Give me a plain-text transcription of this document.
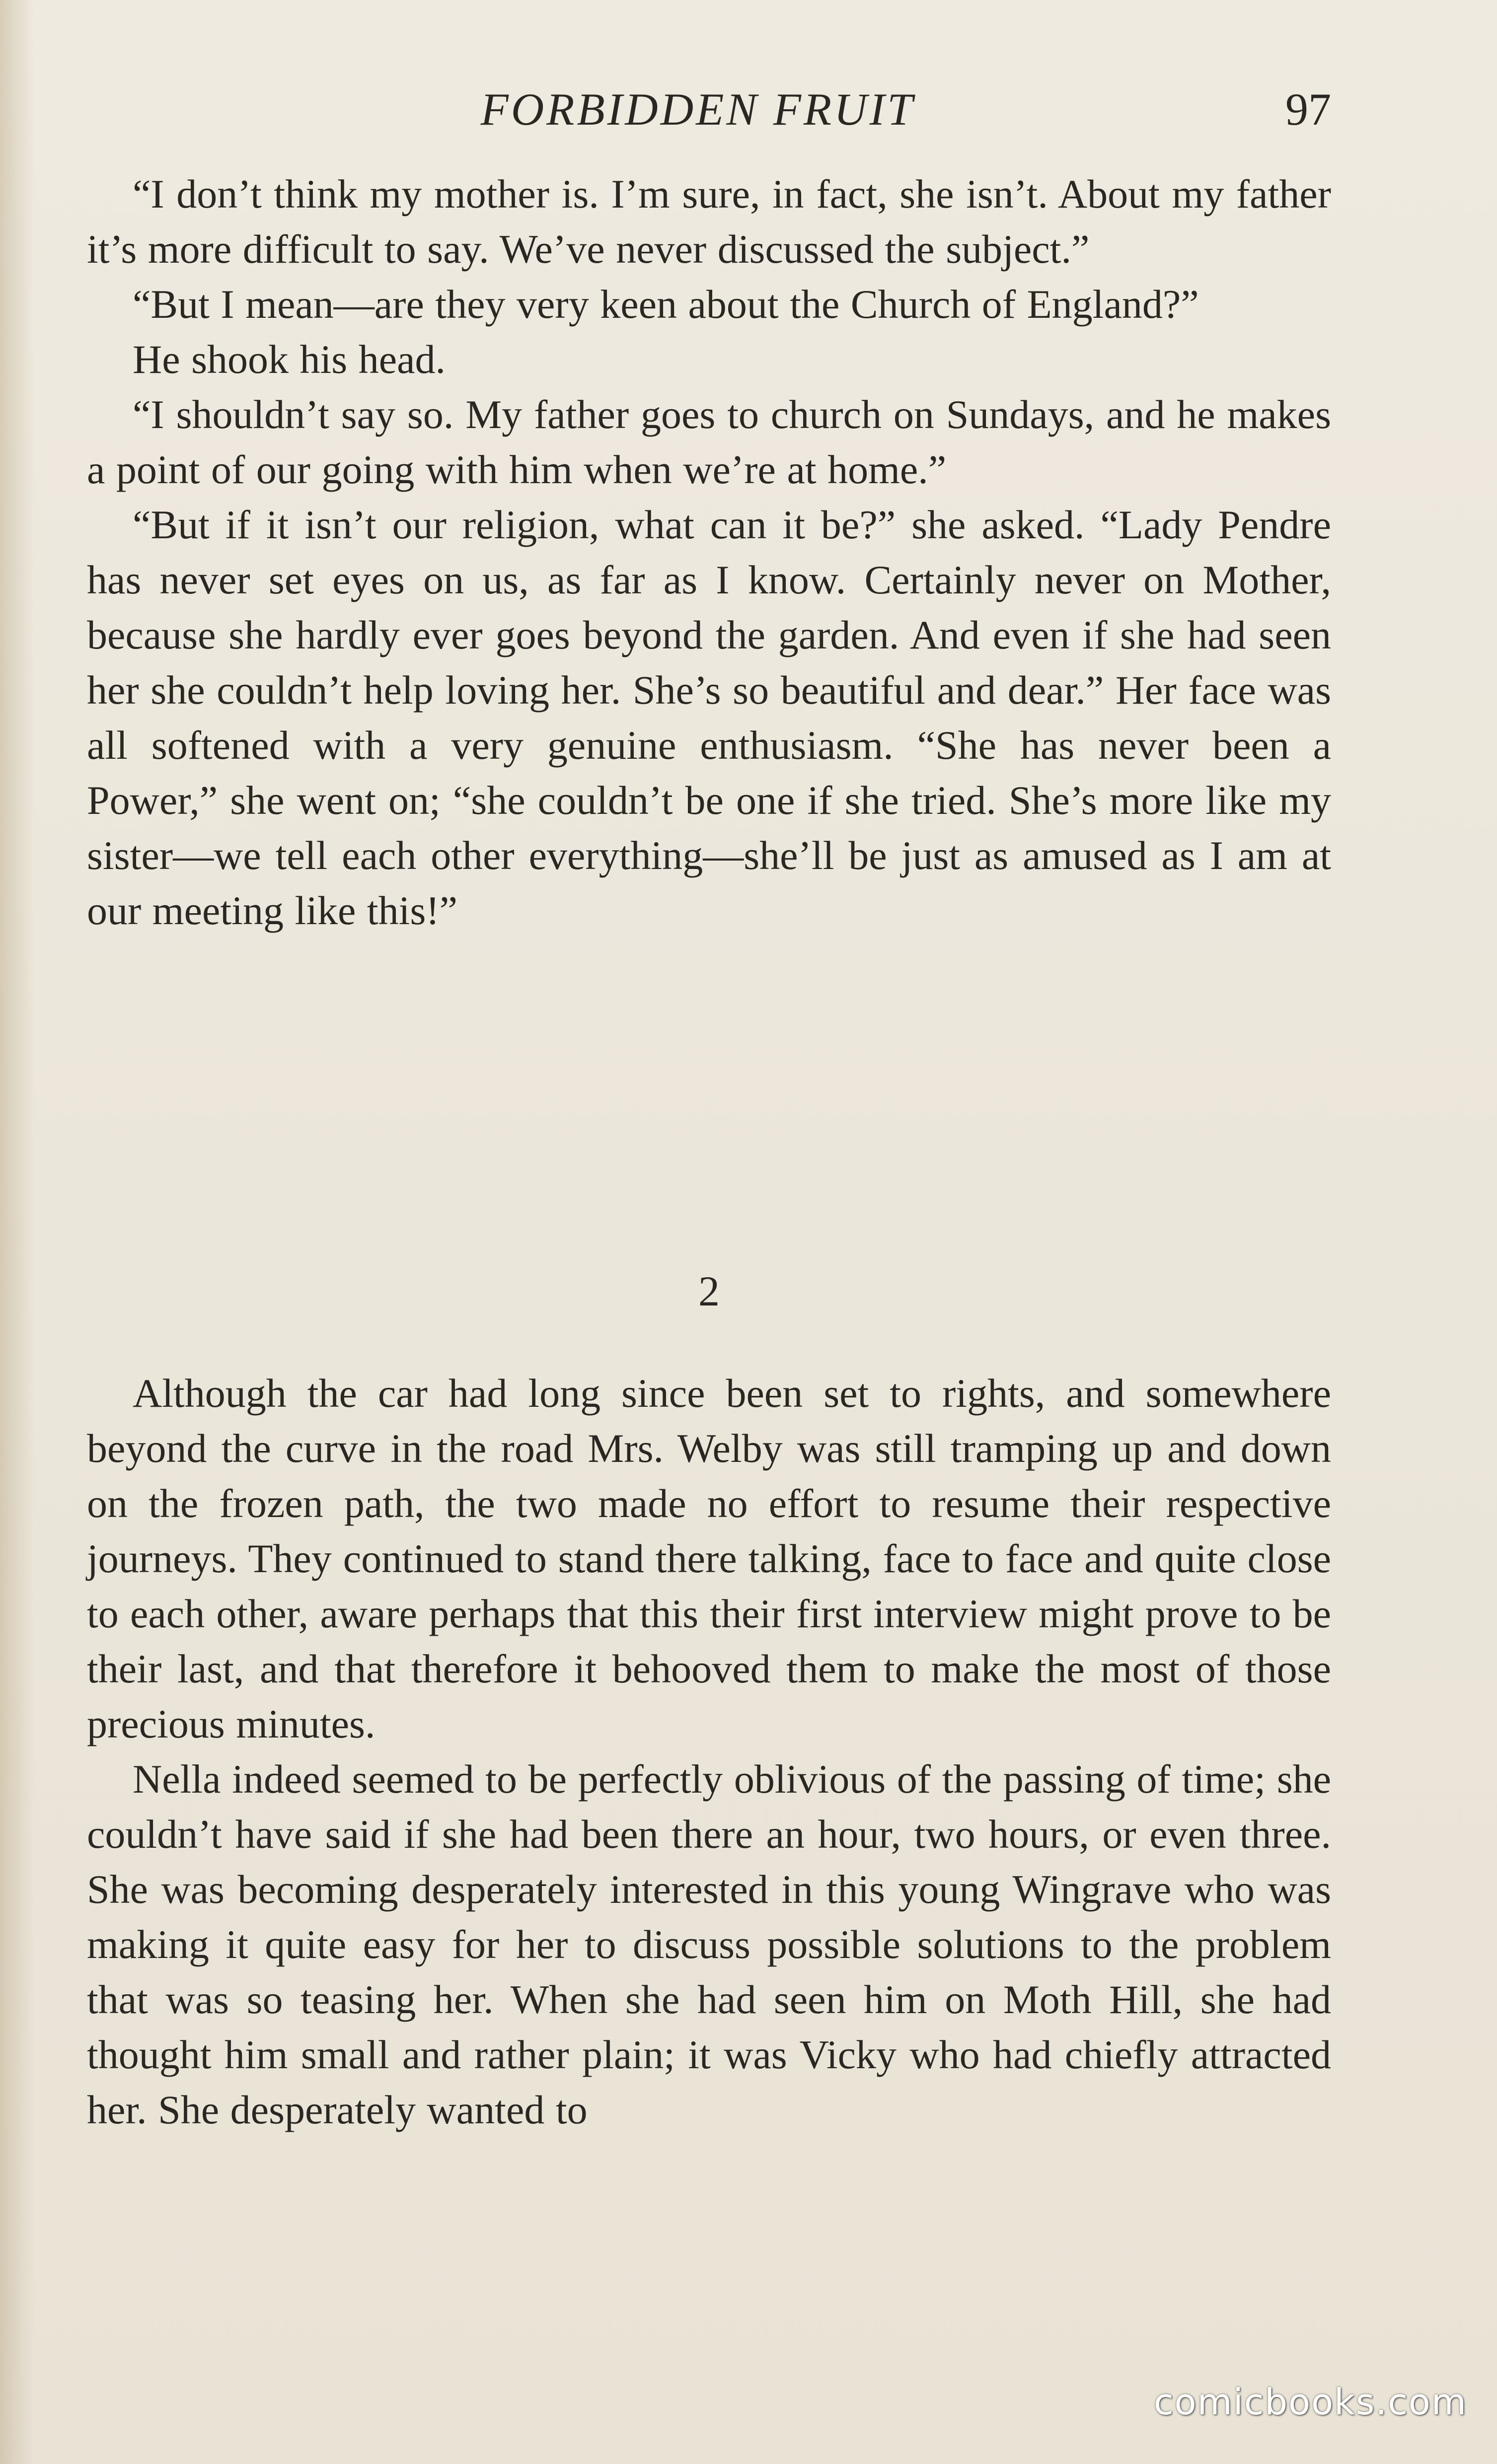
FORBIDDEN FRUIT	97

“I don’t think my mother is. I’m sure, in fact, she isn’t. About my father it’s more difficult to say. We’ve never discussed the subject.”

“But I mean—are they very keen about the Church of England?”

He shook his head.

“I shouldn’t say so. My father goes to church on Sundays, and he makes a point of our going with him when we’re at home.”

“But if it isn’t our religion, what can it be?” she asked. “Lady Pendre has never set eyes on us, as far as I know. Certainly never on Mother, because she hardly ever goes beyond the garden. And even if she had seen her she couldn’t help loving her. She’s so beautiful and dear.” Her face was all softened with a very genuine enthusiasm. “She has never been a Power,” she went on; “she couldn’t be one if she tried. She’s more like my sister—we tell each other everything—she’ll be just as amused as I am at our meeting like this!”

2

Although the car had long since been set to rights, and somewhere beyond the curve in the road Mrs. Welby was still tramping up and down on the frozen path, the two made no effort to resume their respective journeys. They continued to stand there talking, face to face and quite close to each other, aware perhaps that this their first interview might prove to be their last, and that therefore it behooved them to make the most of those precious minutes.

Nella indeed seemed to be perfectly oblivious of the passing of time; she couldn’t have said if she had been there an hour, two hours, or even three. She was becoming desperately interested in this young Wingrave who was making it quite easy for her to discuss possible solutions to the problem that was so teasing her. When she had seen him on Moth Hill, she had thought him small and rather plain; it was Vicky who had chiefly attracted her. She desperately wanted to

comicbooks.com
